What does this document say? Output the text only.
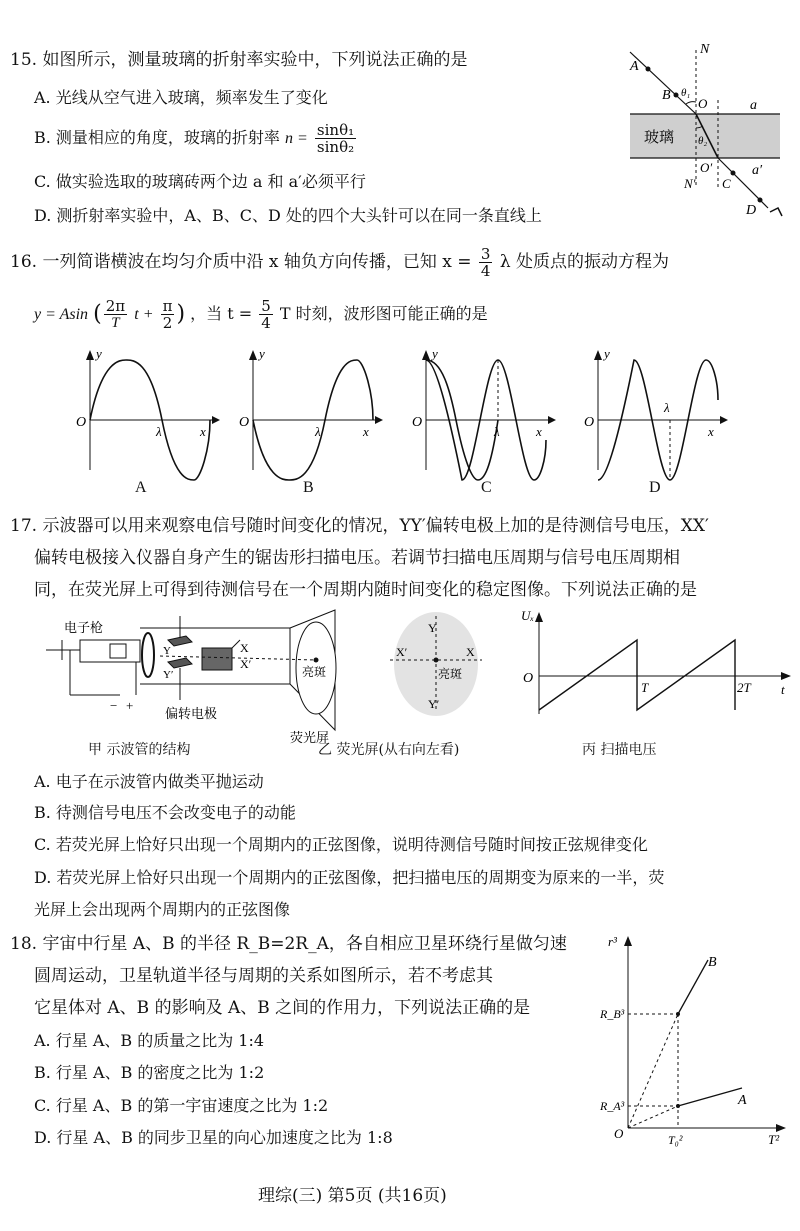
15. 如图所示，测量玻璃的折射率实验中，下列说法正确的是
A. 光线从空气进入玻璃，频率发生了变化
B. 测量相应的角度，玻璃的折射率 $n = \frac{\text{sinθ₁}}{\text{sinθ₂}}$
C. 做实验选取的玻璃砖两个边 a 和 a′必须平行
D. 测折射率实验中，A、B、C、D 处的四个大头针可以在同一条直线上
A
B
N
O	a
玻璃
θ₁
θ₂
O′	a′
N′ C
D
16. 一列简谐横波在均匀介质中沿 x 轴负方向传播，已知 $x = \frac{3}{4}$ λ 处质点的振动方程为
y = Asin ( $\frac{2\pi}{T}$ $t + \frac{\pi}{2}$ ) ，当 $t = \frac{5}{4}$ T 时刻，波形图可能正确的是
O
y
x
λ
O
y
x
λ
O
y
x
λ
O
y
x
λ
A	B	C	D
17. 示波器可以用来观察电信号随时间变化的情况，YY′偏转电极上加的是待测信号电压，XX′
偏转电极接入仪器自身产生的锯齿形扫描电压。若调节扫描电压周期与信号电压周期相
同，在荧光屏上可得到待测信号在一个周期内随时间变化的稳定图像。下列说法正确的是
电子枪
Y
Y′
X
X′
偏转电极
亮斑
荧光屏
− +
Y
Y′
X′	X
亮斑
Uₓ
O
T	2T t
甲 示波管的结构	乙 荧光屏(从右向左看)	丙 扫描电压
A. 电子在示波管内做类平抛运动
B. 待测信号电压不会改变电子的动能
C. 若荧光屏上恰好只出现一个周期内的正弦图像，说明待测信号随时间按正弦规律变化
D. 若荧光屏上恰好只出现一个周期内的正弦图像，把扫描电压的周期变为原来的一半，荧
光屏上会出现两个周期内的正弦图像
18. 宇宙中行星 A、B 的半径 R_B=2R_A，各自相应卫星环绕行星做匀速
圆周运动，卫星轨道半径与周期的关系如图所示，若不考虑其
它星体对 A、B 的影响及 A、B 之间的作用力，下列说法正确的是
A. 行星 A、B 的质量之比为 1:4
B. 行星 A、B 的密度之比为 1:2
C. 行星 A、B 的第一宇宙速度之比为 1:2
D. 行星 A、B 的同步卫星的向心加速度之比为 1:8
r³
T²
B
A
R_B³
R_A³
O	T₀²
理综(三) 第5页 (共16页)
